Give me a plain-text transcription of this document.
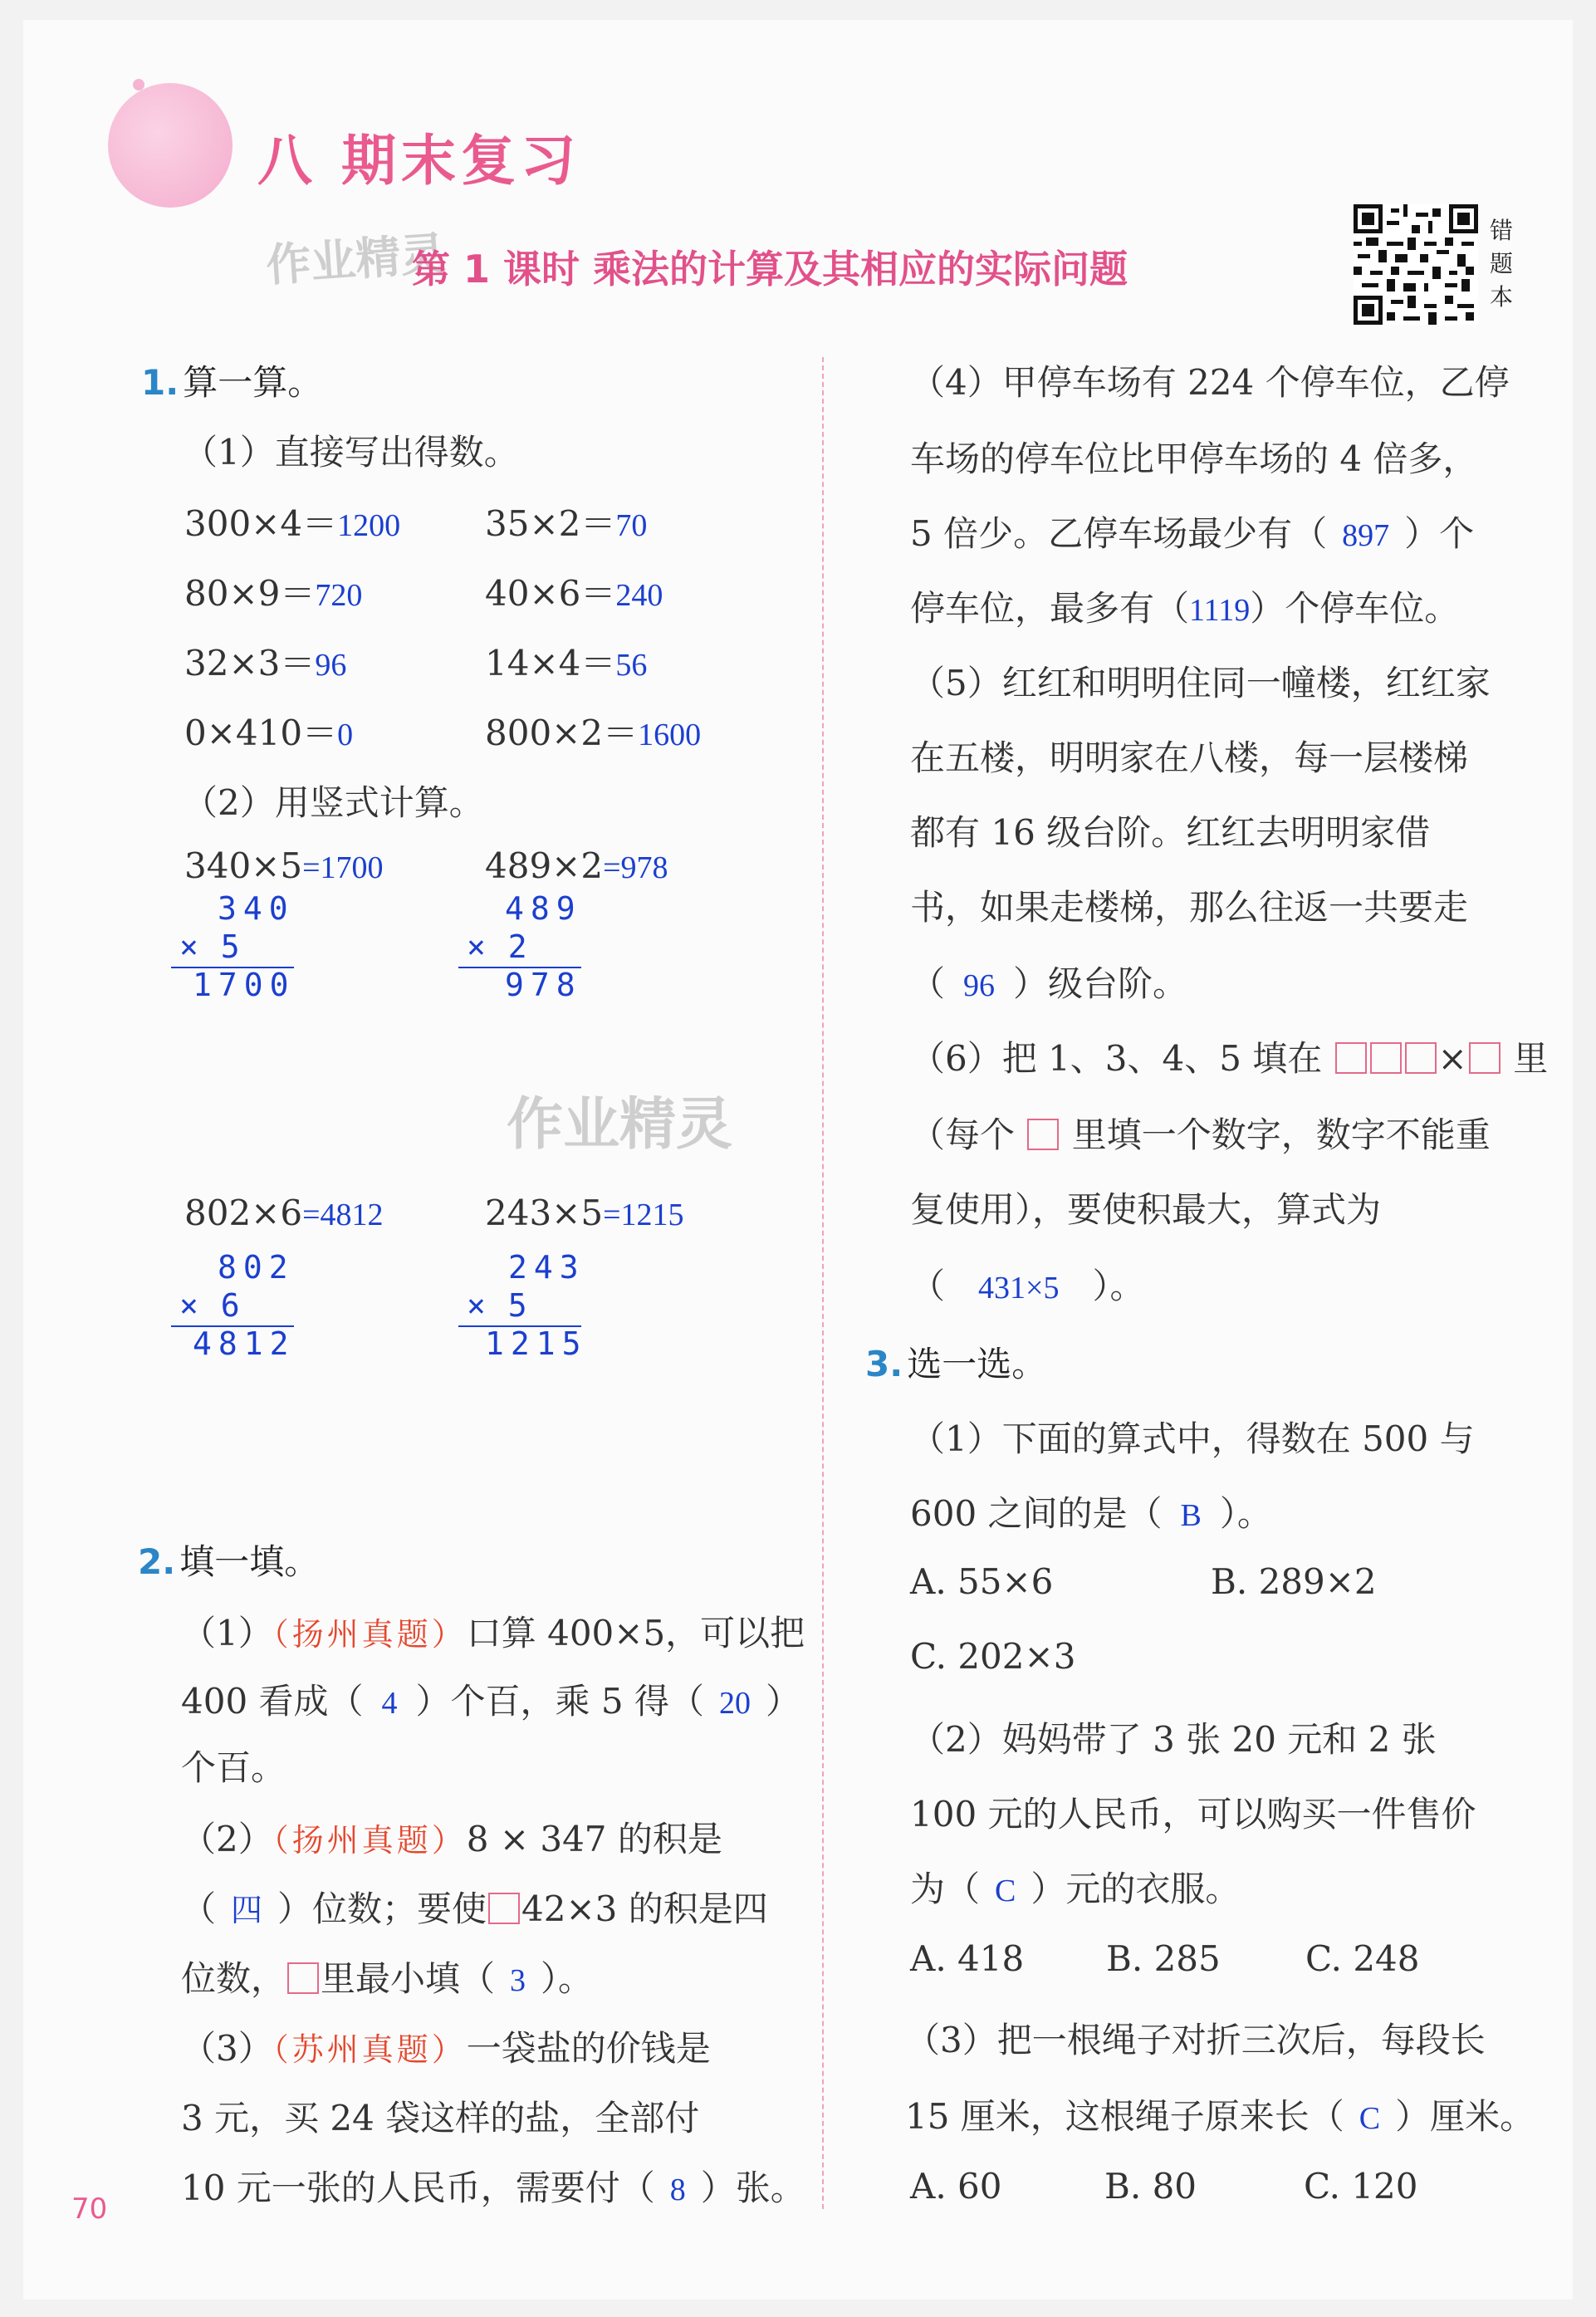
八 期末复习
作业精灵
第 1 课时 乘法的计算及其相应的实际问题
错题本
1. 算一算。
（1）直接写出得数。
300×4＝1200 35×2＝70
80×9＝720	40×6＝240
32×3＝96	14×4＝56
0×410＝0	800×2＝1600
（2）用竖式计算。
340×5=1700
340
× 5
1700
489×2=978
489
× 2
978
作业精灵
802×6=4812
802
× 6
4812
243×5=1215
243
× 5
1215
2. 填一填。
（1）（扬州真题）口算 400×5，可以把
400 看成（ 4 ）个百，乘 5 得（ 20 ）
个百。
（2）（扬州真题）8 × 347 的积是
（ 四 ）位数；要使 42×3 的积是四
位数， 里最小填（ 3 ）。
（3）（苏州真题）一袋盐的价钱是
3 元，买 24 袋这样的盐，全部付
10 元一张的人民币，需要付（ 8 ）张。
（4）甲停车场有 224 个停车位，乙停
车场的停车位比甲停车场的 4 倍多，
5 倍少。乙停车场最少有（ 897 ）个
停车位，最多有（1119）个停车位。
（5）红红和明明住同一幢楼，红红家
在五楼，明明家在八楼，每一层楼梯
都有 16 级台阶。红红去明明家借
书，如果走楼梯，那么往返一共要走
（ 96 ）级台阶。
（6）把 1、3、4、5 填在	× 里
（每个 里填一个数字，数字不能重
复使用），要使积最大，算式为
（ 431×5 ）。
3. 选一选。
（1）下面的算式中，得数在 500 与
600 之间的是（ B ）。
A. 55×6	B. 289×2
C. 202×3
（2）妈妈带了 3 张 20 元和 2 张
100 元的人民币，可以购买一件售价
为（ C ）元的衣服。
A. 418 B. 285 C. 248
（3）把一根绳子对折三次后，每段长
15 厘米，这根绳子原来长（ C ）厘米。
A. 60	B. 80	C. 120
70
